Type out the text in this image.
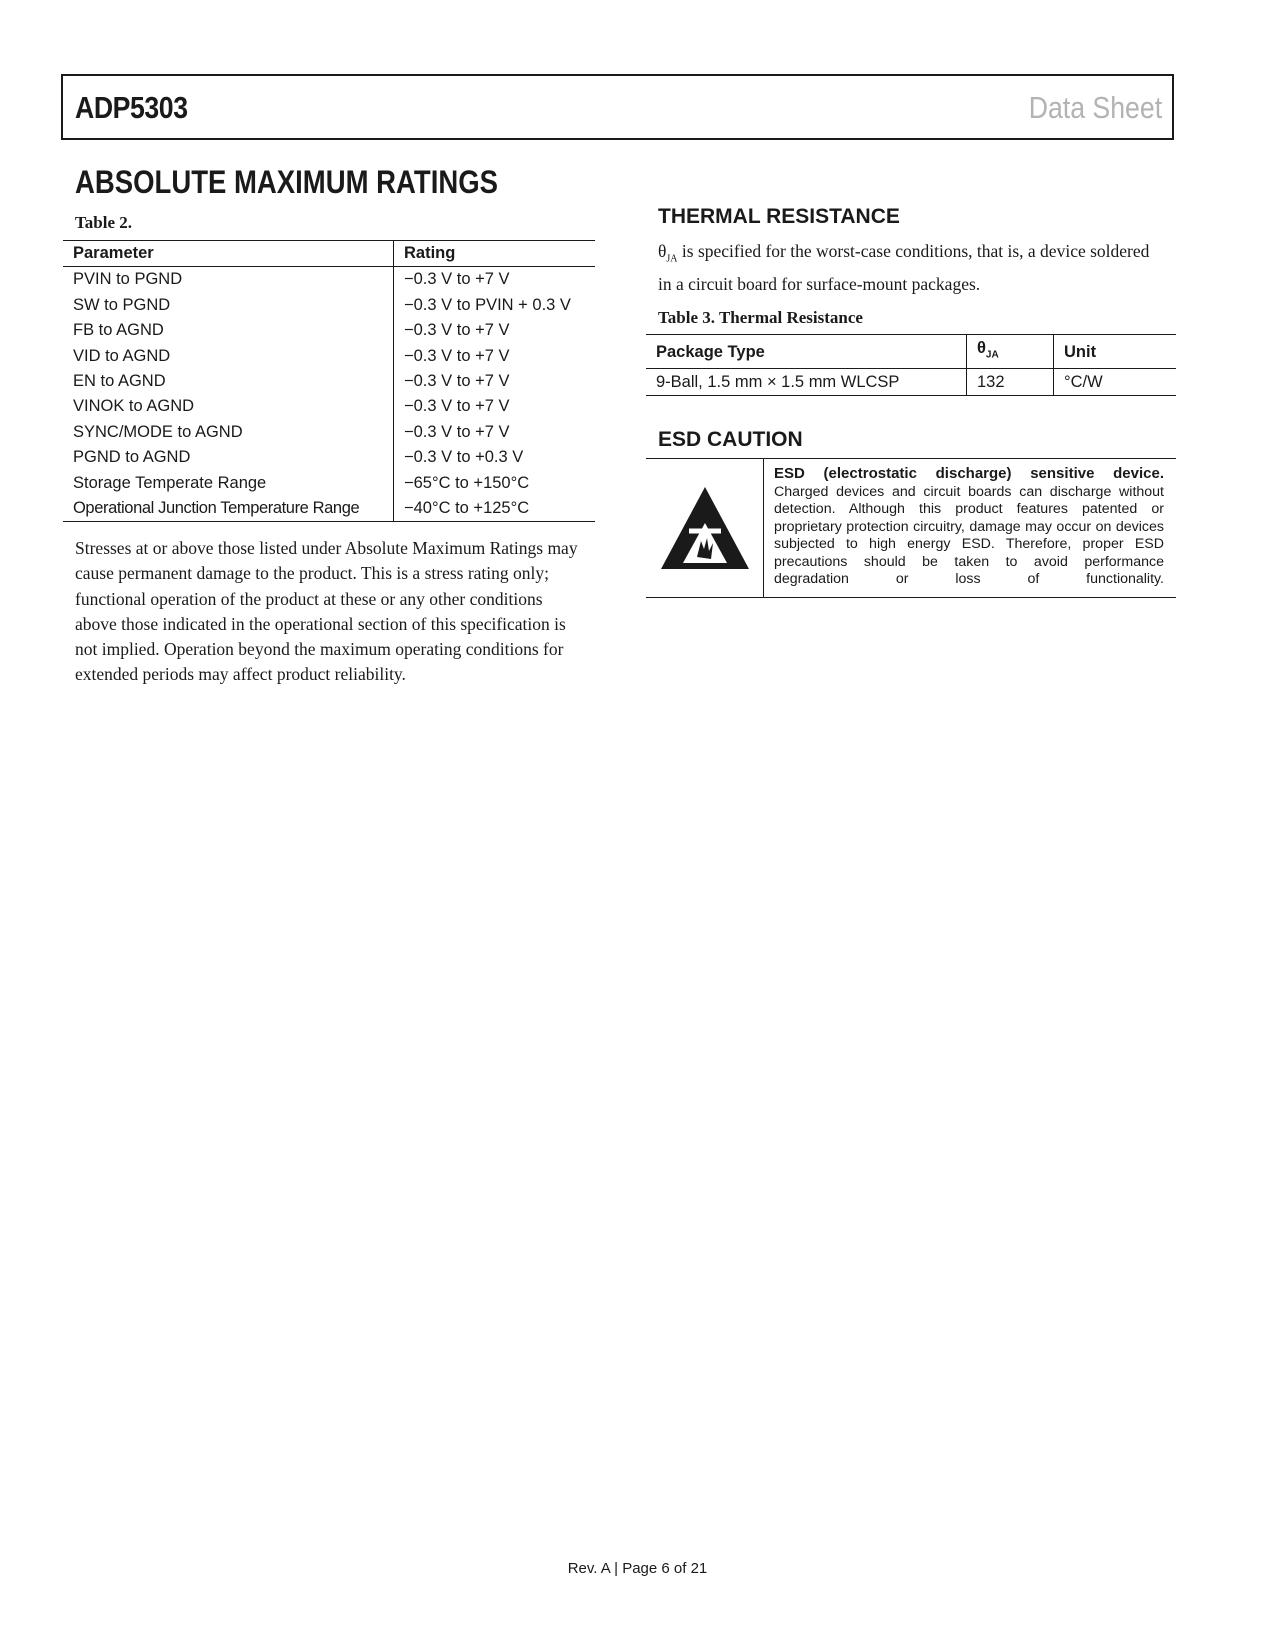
ADP5303	Data Sheet
ABSOLUTE MAXIMUM RATINGS
Table 2.
Parameter	Rating
PVIN to PGND	−0.3 V to +7 V
SW to PGND	−0.3 V to PVIN + 0.3 V
FB to AGND	−0.3 V to +7 V
VID to AGND	−0.3 V to +7 V
EN to AGND	−0.3 V to +7 V
VINOK to AGND	−0.3 V to +7 V
SYNC/MODE to AGND	−0.3 V to +7 V
PGND to AGND	−0.3 V to +0.3 V
Storage Temperate Range	−65°C to +150°C
Operational Junction Temperature Range	−40°C to +125°C
Stresses at or above those listed under Absolute Maximum Ratings may cause permanent damage to the product. This is a stress rating only; functional operation of the product at these or any other conditions above those indicated in the operational section of this specification is not implied. Operation beyond the maximum operating conditions for extended periods may affect product reliability.
THERMAL RESISTANCE
$\theta_{JA}$ is specified for the worst-case conditions, that is, a device soldered in a circuit board for surface-mount packages.
Table 3. Thermal Resistance
Package Type	$\theta_{JA}$	Unit
9-Ball, 1.5 mm × 1.5 mm WLCSP	132	°C/W
ESD CAUTION
ESD (electrostatic discharge) sensitive device. Charged devices and circuit boards can discharge without detection. Although this product features patented or proprietary protection circuitry, damage may occur on devices subjected to high energy ESD. Therefore, proper ESD precautions should be taken to avoid performance degradation or loss of functionality.
Rev. A | Page 6 of 21
